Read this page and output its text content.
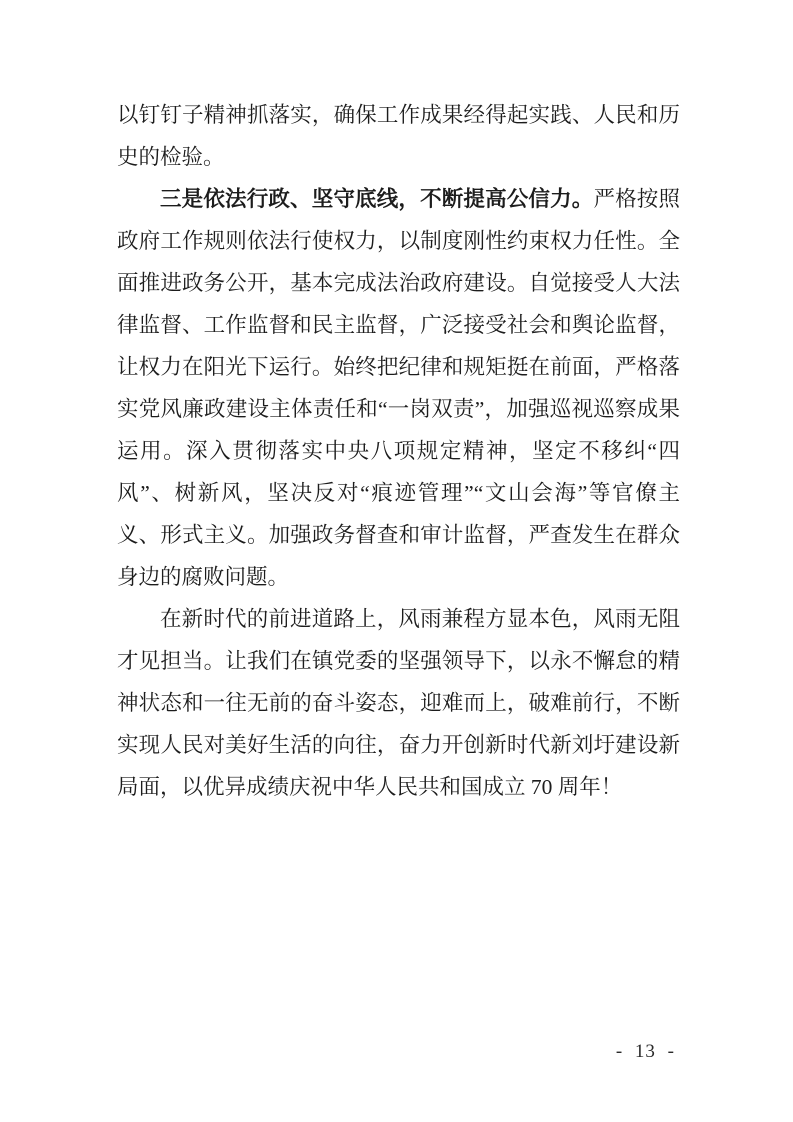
以钉钉子精神抓落实，确保工作成果经得起实践、人民和历史的检验。

三是依法行政、坚守底线，不断提高公信力。严格按照政府工作规则依法行使权力，以制度刚性约束权力任性。全面推进政务公开，基本完成法治政府建设。自觉接受人大法律监督、工作监督和民主监督，广泛接受社会和舆论监督，让权力在阳光下运行。始终把纪律和规矩挺在前面，严格落实党风廉政建设主体责任和“一岗双责”，加强巡视巡察成果运用。深入贯彻落实中央八项规定精神，坚定不移纠“四风”、树新风，坚决反对“痕迹管理”“文山会海”等官僚主义、形式主义。加强政务督查和审计监督，严查发生在群众身边的腐败问题。

在新时代的前进道路上，风雨兼程方显本色，风雨无阻才见担当。让我们在镇党委的坚强领导下，以永不懈怠的精神状态和一往无前的奋斗姿态，迎难而上，破难前行，不断实现人民对美好生活的向往，奋力开创新时代新刘圩建设新局面，以优异成绩庆祝中华人民共和国成立 70 周年！

- 13 -
